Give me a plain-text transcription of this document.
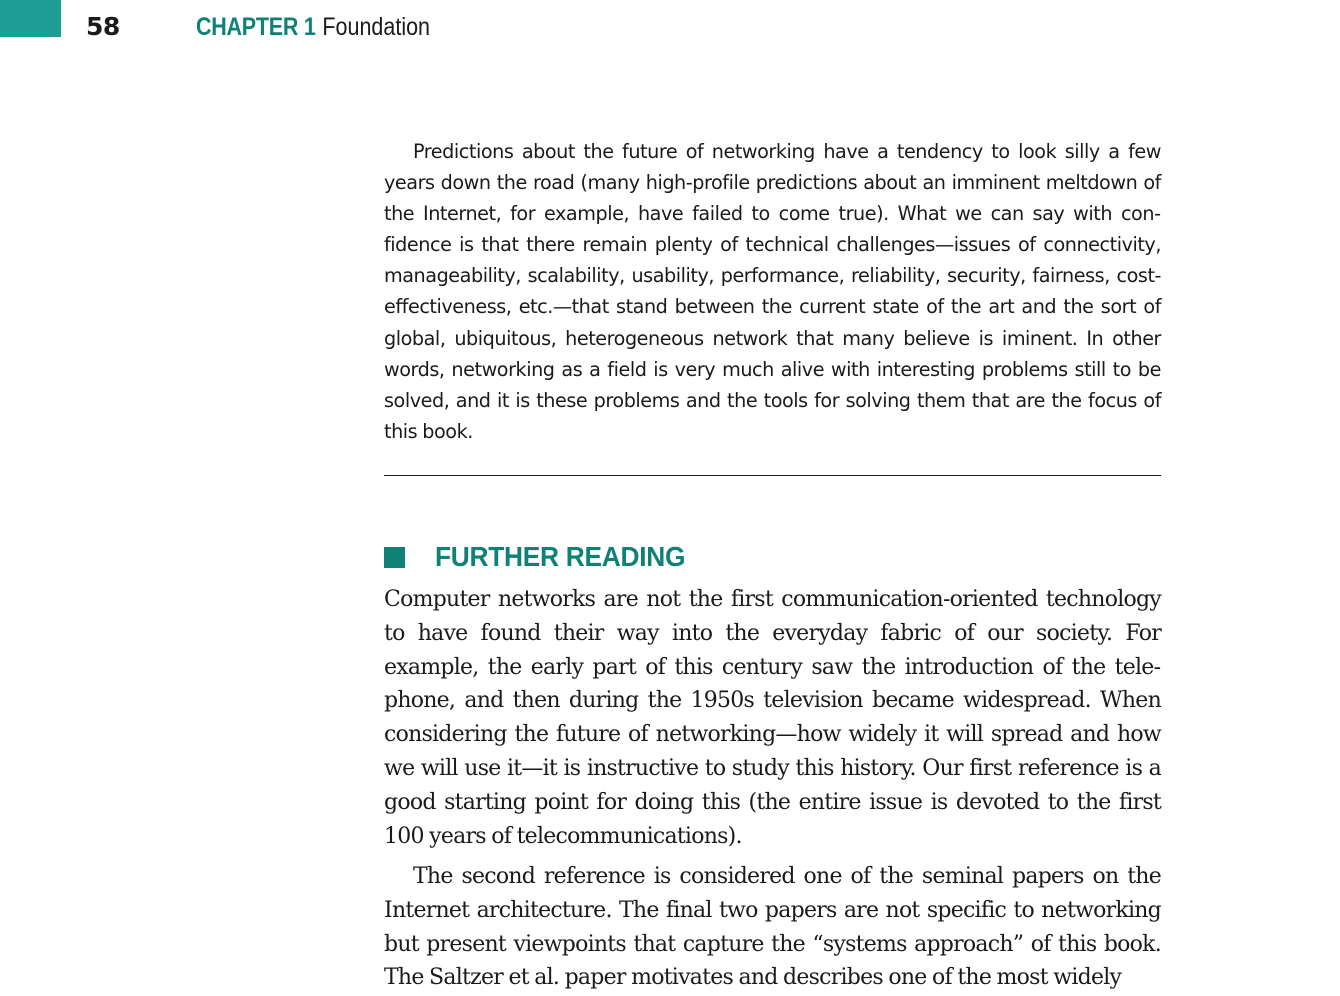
58	CHAPTER 1 Foundation

Predictions about the future of networking have a tendency to look silly a few years down the road (many high-profile predictions about an imminent meltdown of the Internet, for example, have failed to come true). What we can say with confidence is that there remain plenty of technical challenges—issues of connectivity, manageability, scalability, usability, performance, reliability, security, fairness, cost-effectiveness, etc.—that stand between the current state of the art and the sort of global, ubiquitous, heterogeneous network that many believe is iminent. In other words, networking as a field is very much alive with interesting problems still to be solved, and it is these problems and the tools for solving them that are the focus of this book.

FURTHER READING

Computer networks are not the first communication-oriented technology to have found their way into the everyday fabric of our society. For example, the early part of this century saw the introduction of the telephone, and then during the 1950s television became widespread. When considering the future of networking—how widely it will spread and how we will use it—it is instructive to study this history. Our first reference is a good starting point for doing this (the entire issue is devoted to the first 100 years of telecommunications).

The second reference is considered one of the seminal papers on the Internet architecture. The final two papers are not specific to networking but present viewpoints that capture the “systems approach” of this book. The Saltzer et al. paper motivates and describes one of the most widely
